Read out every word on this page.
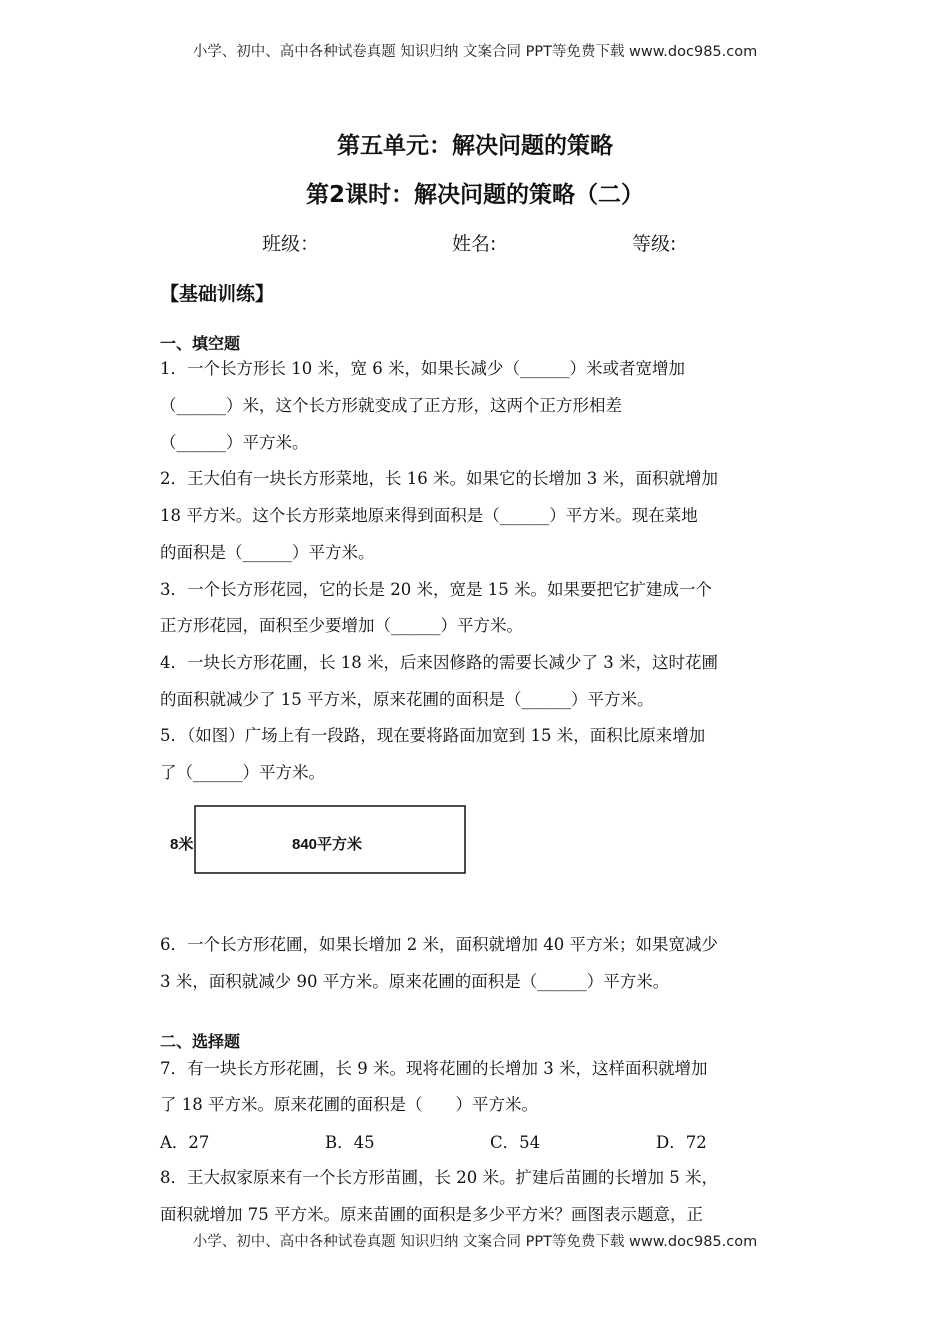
小学、初中、高中各种试卷真题 知识归纳 文案合同 PPT等免费下载 www.doc985.com
第五单元：解决问题的策略
第2课时：解决问题的策略（二）
班级：	姓名:	等级:
【基础训练】
一、填空题
1．一个长方形长 10 米，宽 6 米，如果长减少（______）米或者宽增加
（______）米，这个长方形就变成了正方形，这两个正方形相差
（______）平方米。
2．王大伯有一块长方形菜地，长 16 米。如果它的长增加 3 米，面积就增加
18 平方米。这个长方形菜地原来得到面积是（______）平方米。现在菜地
的面积是（______）平方米。
3．一个长方形花园，它的长是 20 米，宽是 15 米。如果要把它扩建成一个
正方形花园，面积至少要增加（______）平方米。
4．一块长方形花圃，长 18 米，后来因修路的需要长减少了 3 米，这时花圃
的面积就减少了 15 平方米，原来花圃的面积是（______）平方米。
5．（如图）广场上有一段路，现在要将路面加宽到 15 米，面积比原来增加
了（______）平方米。
8米	840平方米
6．一个长方形花圃，如果长增加 2 米，面积就增加 40 平方米；如果宽减少
3 米，面积就减少 90 平方米。原来花圃的面积是（______）平方米。
二、选择题
7．有一块长方形花圃，长 9 米。现将花圃的长增加 3 米，这样面积就增加
了 18 平方米。原来花圃的面积是（　　）平方米。
A．27	B．45	C．54	D．72
8．王大叔家原来有一个长方形苗圃，长 20 米。扩建后苗圃的长增加 5 米，
面积就增加 75 平方米。原来苗圃的面积是多少平方米？画图表示题意，正
小学、初中、高中各种试卷真题 知识归纳 文案合同 PPT等免费下载 www.doc985.com
